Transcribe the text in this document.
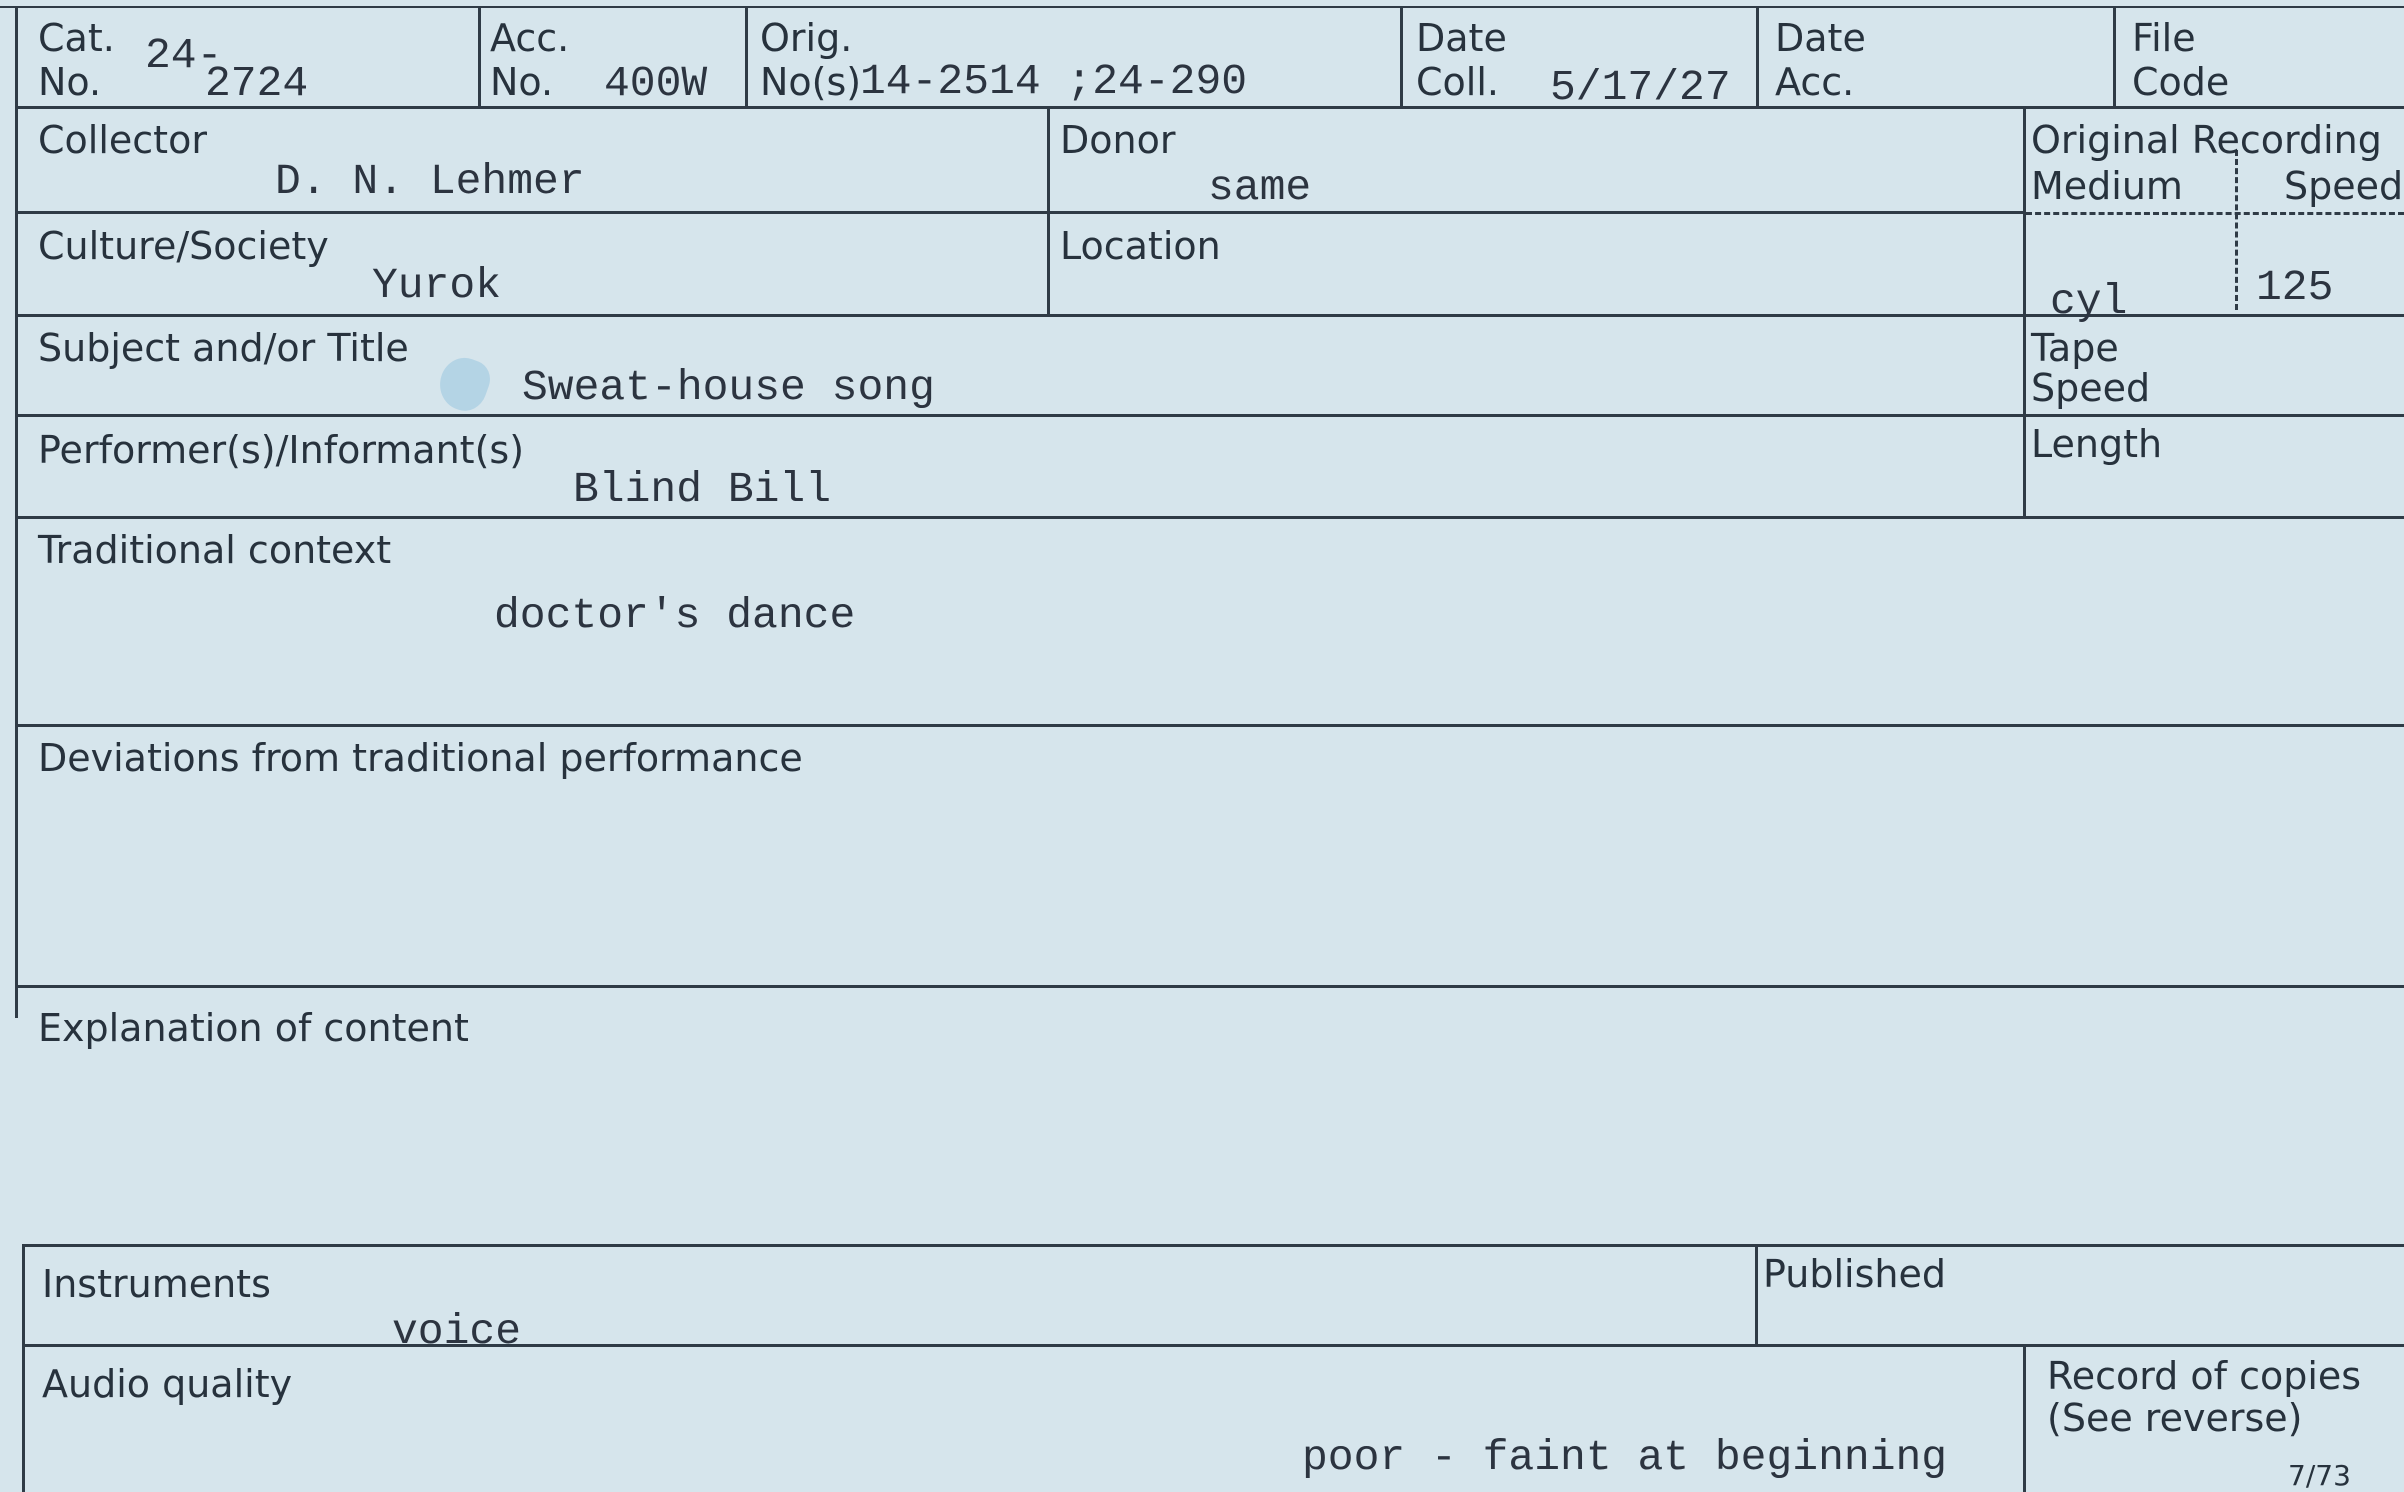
Cat.
No.
24-
2724
Acc.
No. 400W
Orig.
No(s)
14-2514 ;24-290
Date
Coll. 5/17/27
Date
Acc.
File
Code
Collector
D. N. Lehmer
Donor
same
Original Recording
Medium	Speed
Culture/Society
Yurok
Location
cyl	125
Subject and/or Title
Sweat-house song
Tape
Speed
Performer(s)/Informant(s)
Blind Bill
Length
Traditional context
doctor's dance
Deviations from traditional performance
Explanation of content
Instruments
voice
Published
Audio quality
poor - faint at beginning
Record of copies
(See reverse)
7/73
